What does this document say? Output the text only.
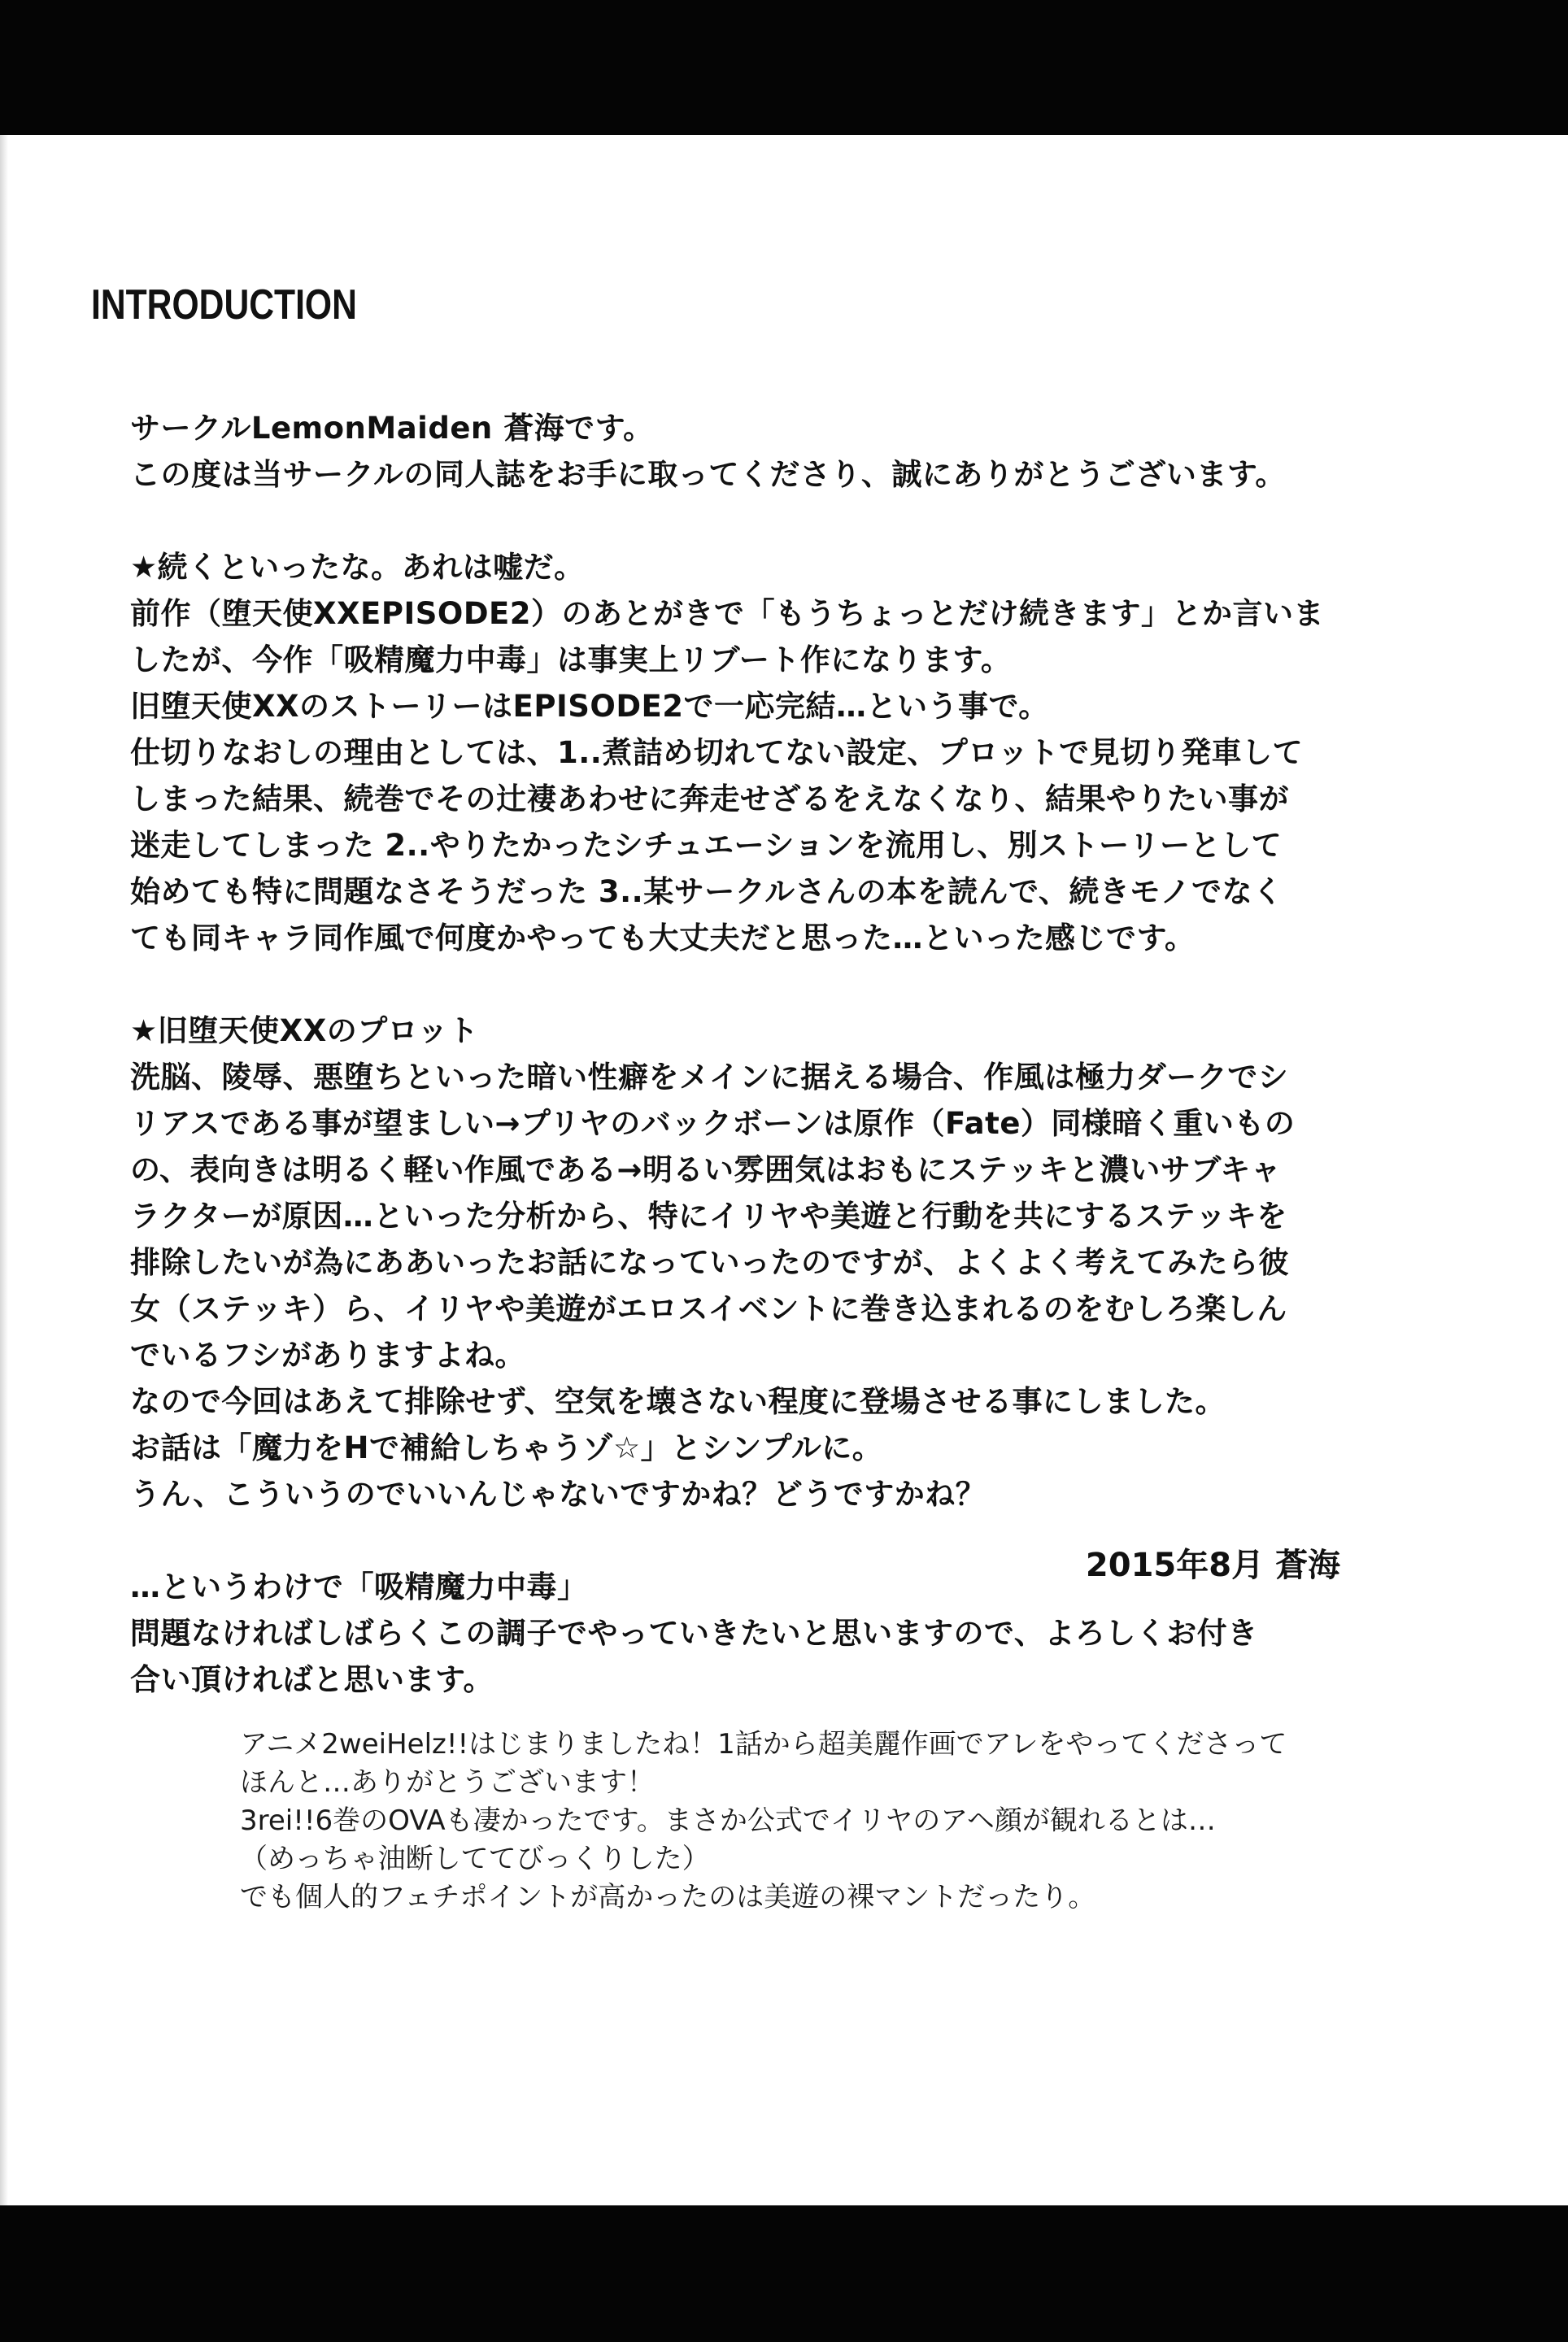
INTRODUCTION
サークルLemonMaiden 蒼海です。
この度は当サークルの同人誌をお手に取ってくださり、誠にありがとうございます。
★続くといったな。あれは嘘だ。
前作（堕天使XXEPISODE2）のあとがきで「もうちょっとだけ続きます」とか言いま
したが、今作「吸精魔力中毒」は事実上リブート作になります。
旧堕天使XXのストーリーはEPISODE2で一応完結…という事で。
仕切りなおしの理由としては、1..煮詰め切れてない設定、プロットで見切り発車して
しまった結果、続巻でその辻褄あわせに奔走せざるをえなくなり、結果やりたい事が
迷走してしまった 2..やりたかったシチュエーションを流用し、別ストーリーとして
始めても特に問題なさそうだった 3..某サークルさんの本を読んで、続きモノでなく
ても同キャラ同作風で何度かやっても大丈夫だと思った…といった感じです。
★旧堕天使XXのプロット
洗脳、陵辱、悪堕ちといった暗い性癖をメインに据える場合、作風は極力ダークでシ
リアスである事が望ましい→プリヤのバックボーンは原作（Fate）同様暗く重いもの
の、表向きは明るく軽い作風である→明るい雰囲気はおもにステッキと濃いサブキャ
ラクターが原因…といった分析から、特にイリヤや美遊と行動を共にするステッキを
排除したいが為にああいったお話になっていったのですが、よくよく考えてみたら彼
女（ステッキ）ら、イリヤや美遊がエロスイベントに巻き込まれるのをむしろ楽しん
でいるフシがありますよね。
なので今回はあえて排除せず、空気を壊さない程度に登場させる事にしました。
お話は「魔力をHで補給しちゃうゾ☆」とシンプルに。
うん、こういうのでいいんじゃないですかね？どうですかね？
…というわけで「吸精魔力中毒」
問題なければしばらくこの調子でやっていきたいと思いますので、よろしくお付き
合い頂ければと思います。
2015年8月 蒼海
アニメ2weiHelz!!はじまりましたね！1話から超美麗作画でアレをやってくださって
ほんと…ありがとうございます！
3rei!!6巻のOVAも凄かったです。まさか公式でイリヤのアヘ顔が観れるとは…
（めっちゃ油断しててびっくりした）
でも個人的フェチポイントが高かったのは美遊の裸マントだったり。
